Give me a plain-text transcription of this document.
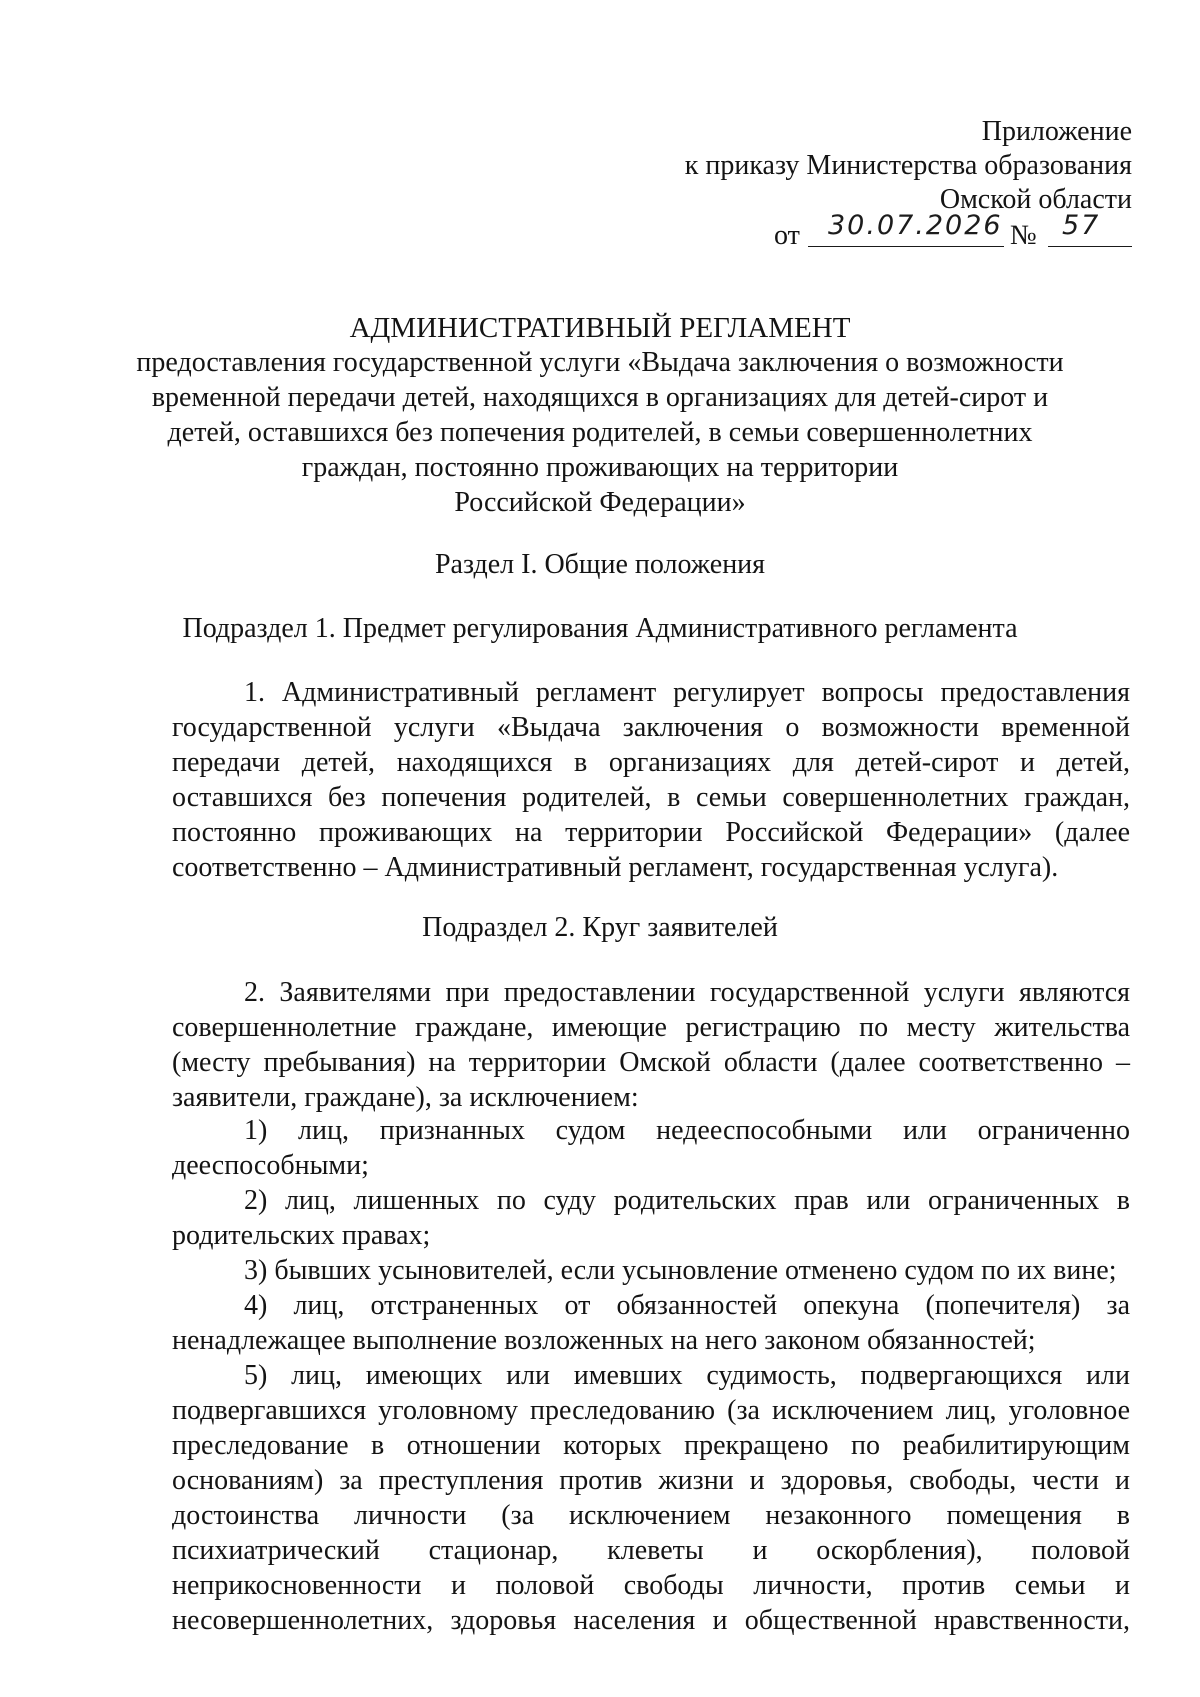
Приложение
к приказу Министерства образования
Омской области
от 30.07.2026 № 57
АДМИНИСТРАТИВНЫЙ РЕГЛАМЕНТ
предоставления государственной услуги «Выдача заключения о возможности
временной передачи детей, находящихся в организациях для детей-сирот и
детей, оставшихся без попечения родителей, в семьи совершеннолетних
граждан, постоянно проживающих на территории
Российской Федерации»
Раздел I. Общие положения
Подраздел 1. Предмет регулирования Административного регламента
1. Административный регламент регулирует вопросы предоставления
государственной услуги «Выдача заключения о возможности временной
передачи детей, находящихся в организациях для детей-сирот и детей,
оставшихся без попечения родителей, в семьи совершеннолетних граждан,
постоянно проживающих на территории Российской Федерации» (далее
соответственно – Административный регламент, государственная услуга).
Подраздел 2. Круг заявителей
2. Заявителями при предоставлении государственной услуги являются
совершеннолетние граждане, имеющие регистрацию по месту жительства
(месту пребывания) на территории Омской области (далее соответственно –
заявители, граждане), за исключением:
1) лиц, признанных судом недееспособными или ограниченно
дееспособными;
2) лиц, лишенных по суду родительских прав или ограниченных в
родительских правах;
3) бывших усыновителей, если усыновление отменено судом по их вине;
4) лиц, отстраненных от обязанностей опекуна (попечителя) за
ненадлежащее выполнение возложенных на него законом обязанностей;
5) лиц, имеющих или имевших судимость, подвергающихся или
подвергавшихся уголовному преследованию (за исключением лиц, уголовное
преследование в отношении которых прекращено по реабилитирующим
основаниям) за преступления против жизни и здоровья, свободы, чести и
достоинства личности (за исключением незаконного помещения в
психиатрический стационар, клеветы и оскорбления), половой
неприкосновенности и половой свободы личности, против семьи и
несовершеннолетних, здоровья населения и общественной нравственности,
